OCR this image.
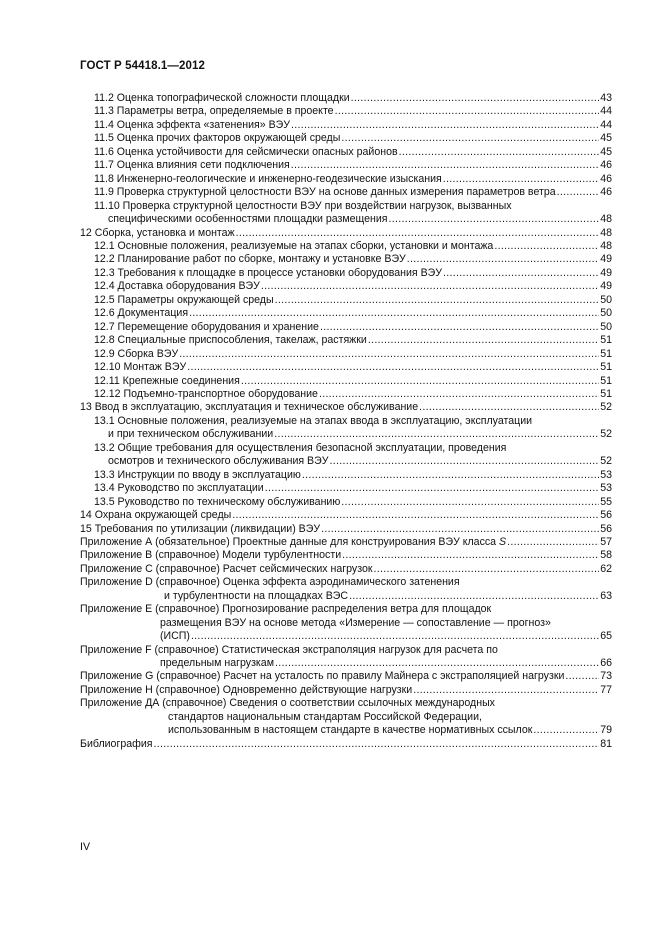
ГОСТ Р 54418.1—2012
11.2 Оценка топографической сложности площадки .....	43
11.3 Параметры ветра, определяемые в проекте .....	44
11.4 Оценка эффекта «затенения» ВЭУ .....	44
11.5 Оценка прочих факторов окружающей среды .....	45
11.6 Оценка устойчивости для сейсмически опасных районов .....	45
11.7 Оценка влияния сети подключения .....	46
11.8 Инженерно-геологические и инженерно-геодезические изыскания .....	46
11.9 Проверка структурной целостности ВЭУ на основе данных измерения параметров ветра .....	46
11.10 Проверка структурной целостности ВЭУ при воздействии нагрузок, вызванных
специфическими особенностями площадки размещения .....	48
12 Сборка, установка и монтаж .....	48
12.1 Основные положения, реализуемые на этапах сборки, установки и монтажа .....	48
12.2 Планирование работ по сборке, монтажу и установке ВЭУ .....	49
12.3 Требования к площадке в процессе установки оборудования ВЭУ .....	49
12.4 Доставка оборудования ВЭУ .....	49
12.5 Параметры окружающей среды .....	50
12.6 Документация .....	50
12.7 Перемещение оборудования и хранение .....	50
12.8 Специальные приспособления, такелаж, растяжки .....	51
12.9 Сборка ВЭУ .....	51
12.10 Монтаж ВЭУ .....	51
12.11 Крепежные соединения .....	51
12.12 Подъемно-транспортное оборудование .....	51
13 Ввод в эксплуатацию, эксплуатация и техническое обслуживание .....	52
13.1 Основные положения, реализуемые на этапах ввода в эксплуатацию, эксплуатации
и при техническом обслуживании .....	52
13.2 Общие требования для осуществления безопасной эксплуатации, проведения
осмотров и технического обслуживания ВЭУ .....	52
13.3 Инструкции по вводу в эксплуатацию .....	53
13.4 Руководство по эксплуатации .....	53
13.5 Руководство по техническому обслуживанию .....	55
14 Охрана окружающей среды .....	56
15 Требования по утилизации (ликвидации) ВЭУ .....	56
Приложение А (обязательное) Проектные данные для конструирования ВЭУ класса S .....	57
Приложение В (справочное) Модели турбулентности .....	58
Приложение С (справочное) Расчет сейсмических нагрузок .....	62
Приложение D (справочное) Оценка эффекта аэродинамического затенения
и турбулентности на площадках ВЭС .....	63
Приложение Е (справочное) Прогнозирование распределения ветра для площадок
размещения ВЭУ на основе метода «Измерение — сопоставление — прогноз»
(ИСП) .....	65
Приложение F (справочное) Статистическая экстраполяция нагрузок для расчета по
предельным нагрузкам .....	66
Приложение G (справочное) Расчет на усталость по правилу Майнера с экстраполяцией нагрузки .....	73
Приложение Н (справочное) Одновременно действующие нагрузки .....	77
Приложение ДА (справочное) Сведения о соответствии ссылочных международных
стандартов национальным стандартам Российской Федерации,
использованным в настоящем стандарте в качестве нормативных ссылок .....	79
Библиография .....	81
IV
